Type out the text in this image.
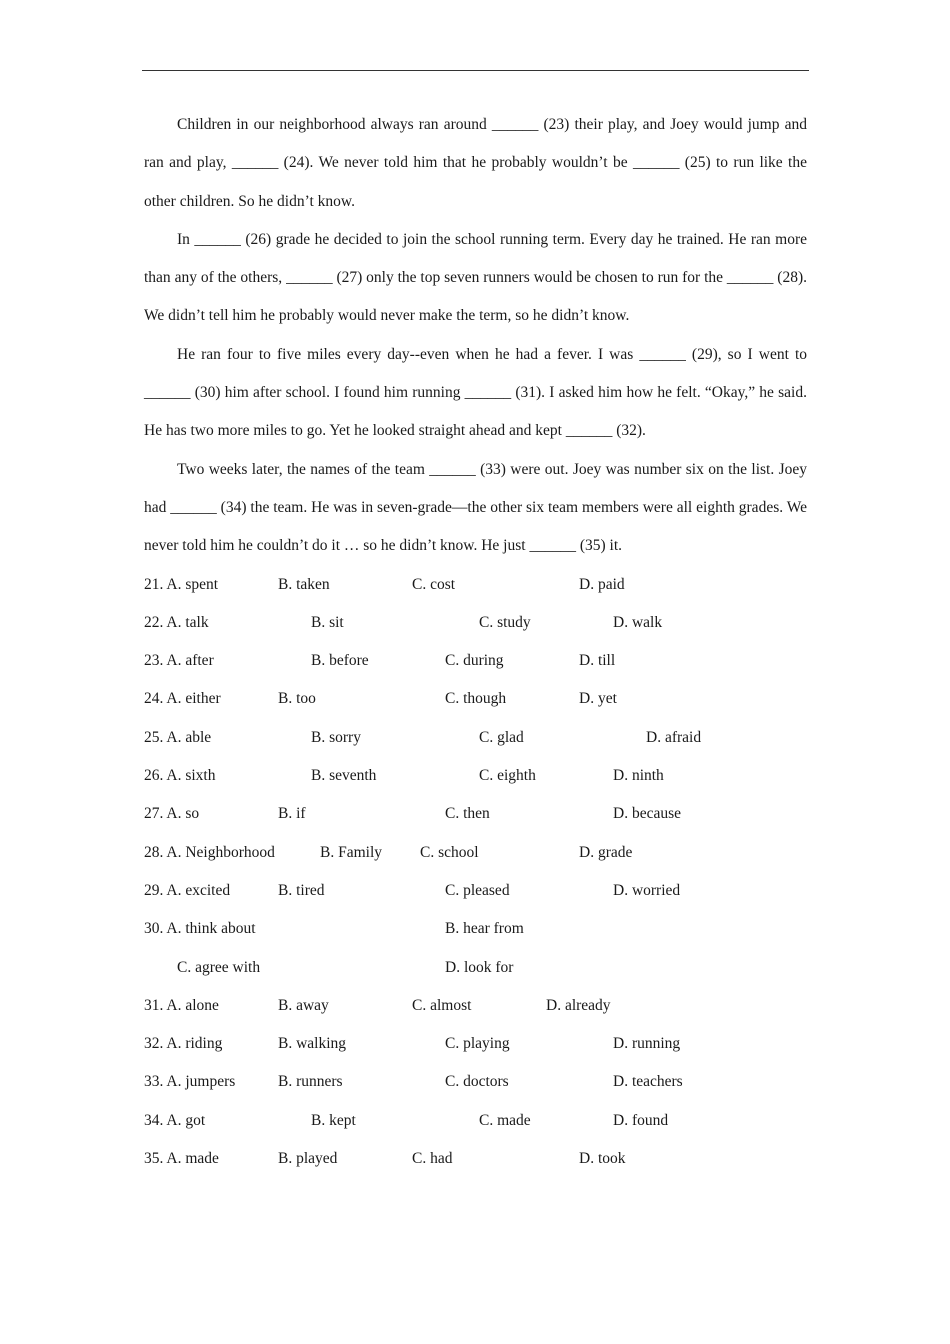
Children in our neighborhood always ran around ______ (23) their play, and Joey would jump and ran and play, ______ (24). We never told him that he probably wouldn’t be ______ (25) to run like the other children. So he didn’t know.

In ______ (26) grade he decided to join the school running term. Every day he trained. He ran more than any of the others, ______ (27) only the top seven runners would be chosen to run for the ______ (28). We didn’t tell him he probably would never make the term, so he didn’t know.

He ran four to five miles every day--even when he had a fever. I was ______ (29), so I went to ______ (30) him after school. I found him running ______ (31). I asked him how he felt. “Okay,” he said. He has two more miles to go. Yet he looked straight ahead and kept ______ (32).

Two weeks later, the names of the team ______ (33) were out. Joey was number six on the list. Joey had ______ (34) the team. He was in seven-grade—the other six team members were all eighth grades. We never told him he couldn’t do it … so he didn’t know. He just ______ (35) it.

21. A. spent	B. taken	C. cost	D. paid
22. A. talk	B. sit	C. study	D. walk
23. A. after	B. before	C. during	D. till
24. A. either	B. too	C. though	D. yet
25. A. able	B. sorry	C. glad	D. afraid
26. A. sixth	B. seventh	C. eighth	D. ninth
27. A. so	B. if	C. then	D. because
28. A. Neighborhood	B. Family C. school	D. grade
29. A. excited	B. tired	C. pleased	D. worried
30. A. think about	B. hear from
C. agree with	D. look for
31. A. alone	B. away	C. almost	D. already
32. A. riding	B. walking	C. playing	D. running
33. A. jumpers	B. runners	C. doctors	D. teachers
34. A. got	B. kept	C. made	D. found
35. A. made	B. played	C. had	D. took
